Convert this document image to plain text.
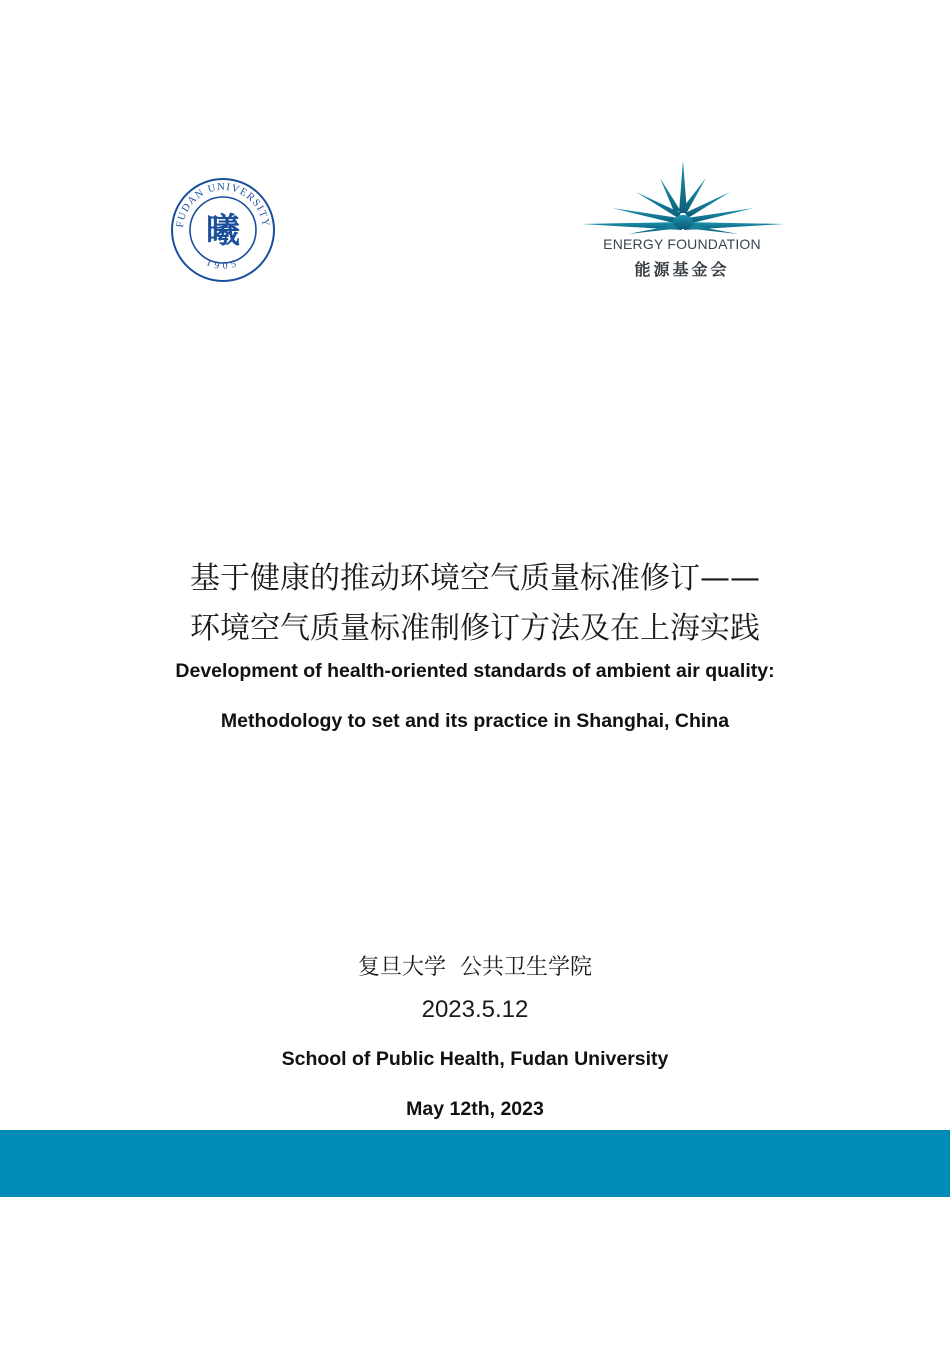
FUDAN UNIVERSITY
1905
曦	ENERGY FOUNDATION
能源基金会
基于健康的推动环境空气质量标准修订——
环境空气质量标准制修订方法及在上海实践
Development of health-oriented standards of ambient air quality:
Methodology to set and its practice in Shanghai, China
复旦大学  公共卫生学院
2023.5.12
School of Public Health, Fudan University
May 12th, 2023
